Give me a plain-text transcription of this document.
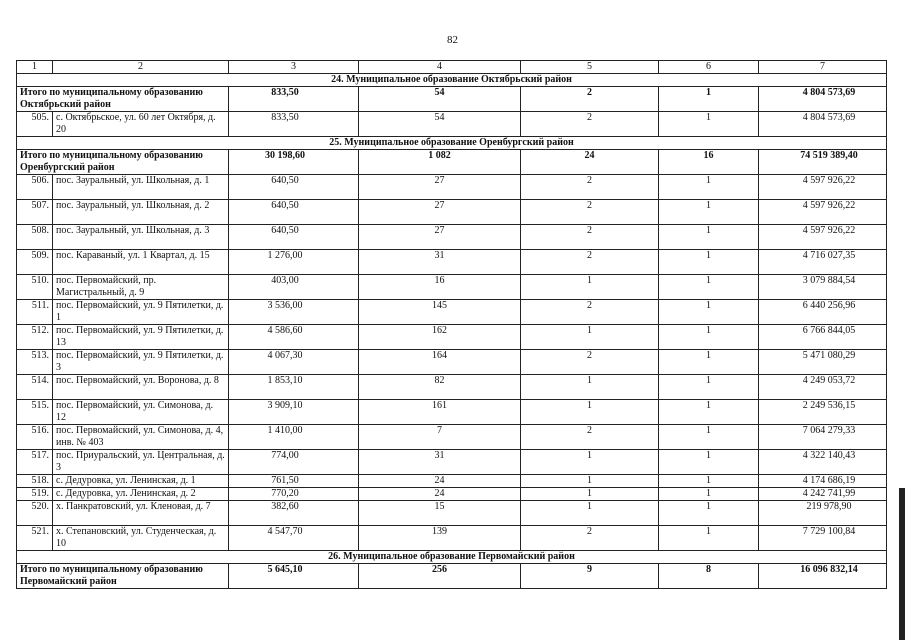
82
1	2	3	4	5	6	7
24. Муниципальное образование Октябрьский район						
Итого по муниципальному образованию Октябрьский район		833,50	54	2	1	4 804 573,69
505.	с. Октябрьское, ул. 60 лет Октября, д. 20	833,50	54	2	1	4 804 573,69
25. Муниципальное образование Оренбургский район						
Итого по муниципальному образованию Оренбургский район		30 198,60	1 082	24	16	74 519 389,40
506.	пос. Зауральный, ул. Школьная, д. 1	640,50	27	2	1	4 597 926,22
507.	пос. Зауральный, ул. Школьная, д. 2	640,50	27	2	1	4 597 926,22
508.	пос. Зауральный, ул. Школьная, д. 3	640,50	27	2	1	4 597 926,22
509.	пос. Караваный, ул. 1 Квартал, д. 15	1 276,00	31	2	1	4 716 027,35
510.	пос. Первомайский, пр. Магистральный, д. 9	403,00	16	1	1	3 079 884,54
511.	пос. Первомайский, ул. 9 Пятилетки, д. 1	3 536,00	145	2	1	6 440 256,96
512.	пос. Первомайский, ул. 9 Пятилетки, д. 13	4 586,60	162	1	1	6 766 844,05
513.	пос. Первомайский, ул. 9 Пятилетки, д. 3	4 067,30	164	2	1	5 471 080,29
514.	пос. Первомайский, ул. Воронова, д. 8	1 853,10	82	1	1	4 249 053,72
515.	пос. Первомайский, ул. Симонова, д. 12	3 909,10	161	1	1	2 249 536,15
516.	пос. Первомайский, ул. Симонова, д. 4, инв. № 403	1 410,00	7	2	1	7 064 279,33
517.	пос. Приуральский, ул. Центральная, д. 3	774,00	31	1	1	4 322 140,43
518.	с. Дедуровка, ул. Ленинская, д. 1	761,50	24	1	1	4 174 686,19
519.	с. Дедуровка, ул. Ленинская, д. 2	770,20	24	1	1	4 242 741,99
520.	х. Панкратовский, ул. Кленовая, д. 7	382,60	15	1	1	219 978,90
521.	х. Степановский, ул. Студенческая, д. 10	4 547,70	139	2	1	7 729 100,84
26. Муниципальное образование Первомайский район						
Итого по муниципальному образованию Первомайский район		5 645,10	256	9	8	16 096 832,14
